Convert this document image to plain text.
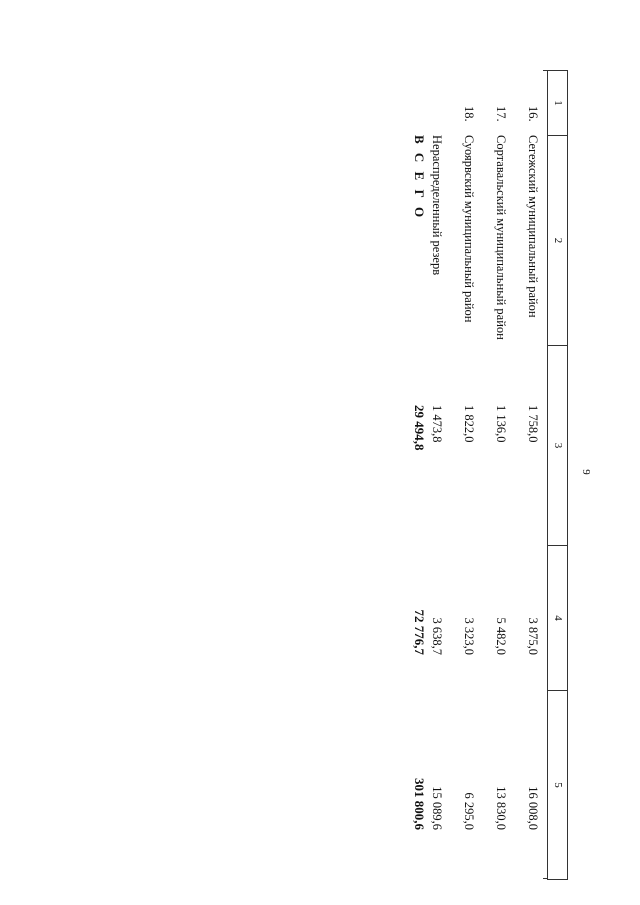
9
1
2
3
4
5
16.
Сегежский муниципальный район
1 758,0
3 875,0
16 008,0
17.
Сортавальский муниципальный район
1 136,0
5 482,0
13 830,0
18.
Суоярвский муниципальный район
1 822,0
3 323,0
6 295,0
Нераспределенный резерв
1 473,8
3 638,7
15 089,6
В С Е Г О
29 494,8
72 776,7
301 800,6
